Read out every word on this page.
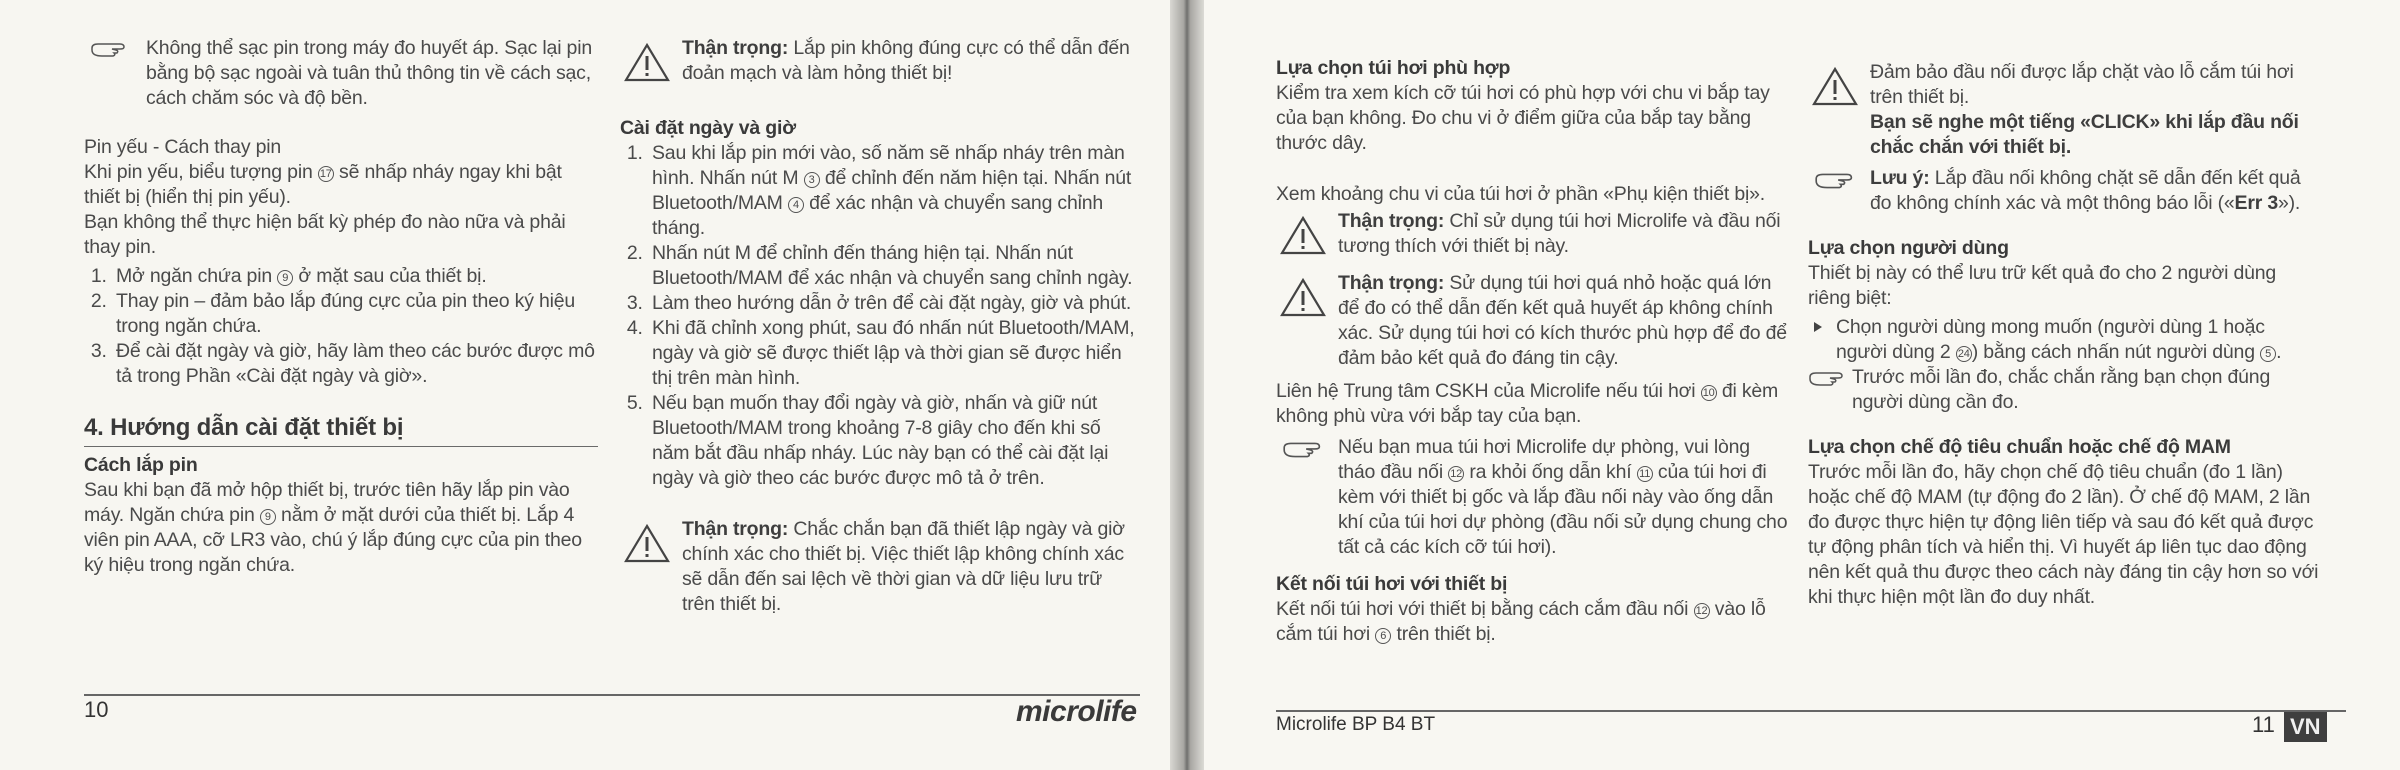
Không thể sạc pin trong máy đo huyết áp. Sạc lại pin bằng bộ sạc ngoài và tuân thủ thông tin về cách sạc, cách chăm sóc và độ bền.

Pin yếu - Cách thay pin

Khi pin yếu, biểu tượng pin 17 sẽ nhấp nháy ngay khi bật thiết bị (hiển thị pin yếu).

Bạn không thể thực hiện bất kỳ phép đo nào nữa và phải thay pin.

1. Mở ngăn chứa pin 9 ở mặt sau của thiết bị.
2. Thay pin – đảm bảo lắp đúng cực của pin theo ký hiệu trong ngăn chứa.
3. Để cài đặt ngày và giờ, hãy làm theo các bước được mô tả trong Phần «Cài đặt ngày và giờ».
4. Hướng dẫn cài đặt thiết bị

Cách lắp pin

Sau khi bạn đã mở hộp thiết bị, trước tiên hãy lắp pin vào máy. Ngăn chứa pin 9 nằm ở mặt dưới của thiết bị. Lắp 4 viên pin AAA, cỡ LR3 vào, chú ý lắp đúng cực của pin theo ký hiệu trong ngăn chứa.

Thận trọng: Lắp pin không đúng cực có thể dẫn đến đoản mạch và làm hỏng thiết bị!

Cài đặt ngày và giờ

1. Sau khi lắp pin mới vào, số năm sẽ nhấp nháy trên màn hình. Nhấn nút M 3 để chỉnh đến năm hiện tại. Nhấn nút Bluetooth/MAM 4 để xác nhận và chuyển sang chỉnh tháng.
2. Nhấn nút M để chỉnh đến tháng hiện tại. Nhấn nút Bluetooth/MAM để xác nhận và chuyển sang chỉnh ngày.
3. Làm theo hướng dẫn ở trên để cài đặt ngày, giờ và phút.
4. Khi đã chỉnh xong phút, sau đó nhấn nút Bluetooth/MAM, ngày và giờ sẽ được thiết lập và thời gian sẽ được hiển thị trên màn hình.
5. Nếu bạn muốn thay đổi ngày và giờ, nhấn và giữ nút Bluetooth/MAM trong khoảng 7-8 giây cho đến khi số năm bắt đầu nhấp nháy. Lúc này bạn có thể cài đặt lại ngày và giờ theo các bước được mô tả ở trên.

Thận trọng: Chắc chắn bạn đã thiết lập ngày và giờ chính xác cho thiết bị. Việc thiết lập không chính xác sẽ dẫn đến sai lệch về thời gian và dữ liệu lưu trữ trên thiết bị.

10	microlife

Lựa chọn túi hơi phù hợp

Kiểm tra xem kích cỡ túi hơi có phù hợp với chu vi bắp tay của bạn không. Đo chu vi ở điểm giữa của bắp tay bằng thước dây.

Xem khoảng chu vi của túi hơi ở phần «Phụ kiện thiết bị».

Thận trọng: Chỉ sử dụng túi hơi Microlife và đầu nối tương thích với thiết bị này.

Thận trọng: Sử dụng túi hơi quá nhỏ hoặc quá lớn để đo có thể dẫn đến kết quả huyết áp không chính xác. Sử dụng túi hơi có kích thước phù hợp để đo để đảm bảo kết quả đo đáng tin cậy.

Liên hệ Trung tâm CSKH của Microlife nếu túi hơi 10 đi kèm không phù vừa với bắp tay của bạn.

Nếu bạn mua túi hơi Microlife dự phòng, vui lòng tháo đầu nối 12 ra khỏi ống dẫn khí 11 của túi hơi đi kèm với thiết bị gốc và lắp đầu nối này vào ống dẫn khí của túi hơi dự phòng (đầu nối sử dụng chung cho tất cả các kích cỡ túi hơi).

Kết nối túi hơi với thiết bị

Kết nối túi hơi với thiết bị bằng cách cắm đầu nối 12 vào lỗ cắm túi hơi 6 trên thiết bị.

Đảm bảo đầu nối được lắp chặt vào lỗ cắm túi hơi trên thiết bị.

Bạn sẽ nghe một tiếng «CLICK» khi lắp đầu nối chắc chắn với thiết bị.

Lưu ý: Lắp đầu nối không chặt sẽ dẫn đến kết quả đo không chính xác và một thông báo lỗi («Err 3»).

Lựa chọn người dùng

Thiết bị này có thể lưu trữ kết quả đo cho 2 người dùng riêng biệt:

Chọn người dùng mong muốn (người dùng 1 hoặc người dùng 2 24 ) bằng cách nhấn nút người dùng 5 .

Trước mỗi lần đo, chắc chắn rằng bạn chọn đúng người dùng cần đo.

Lựa chọn chế độ tiêu chuẩn hoặc chế độ MAM

Trước mỗi lần đo, hãy chọn chế độ tiêu chuẩn (đo 1 lần) hoặc chế độ MAM (tự động đo 2 lần). Ở chế độ MAM, 2 lần đo được thực hiện tự động liên tiếp và sau đó kết quả được tự động phân tích và hiển thị. Vì huyết áp liên tục dao động nên kết quả thu được theo cách này đáng tin cậy hơn so với khi thực hiện một lần đo duy nhất.

Microlife BP B4 BT	11 VN
